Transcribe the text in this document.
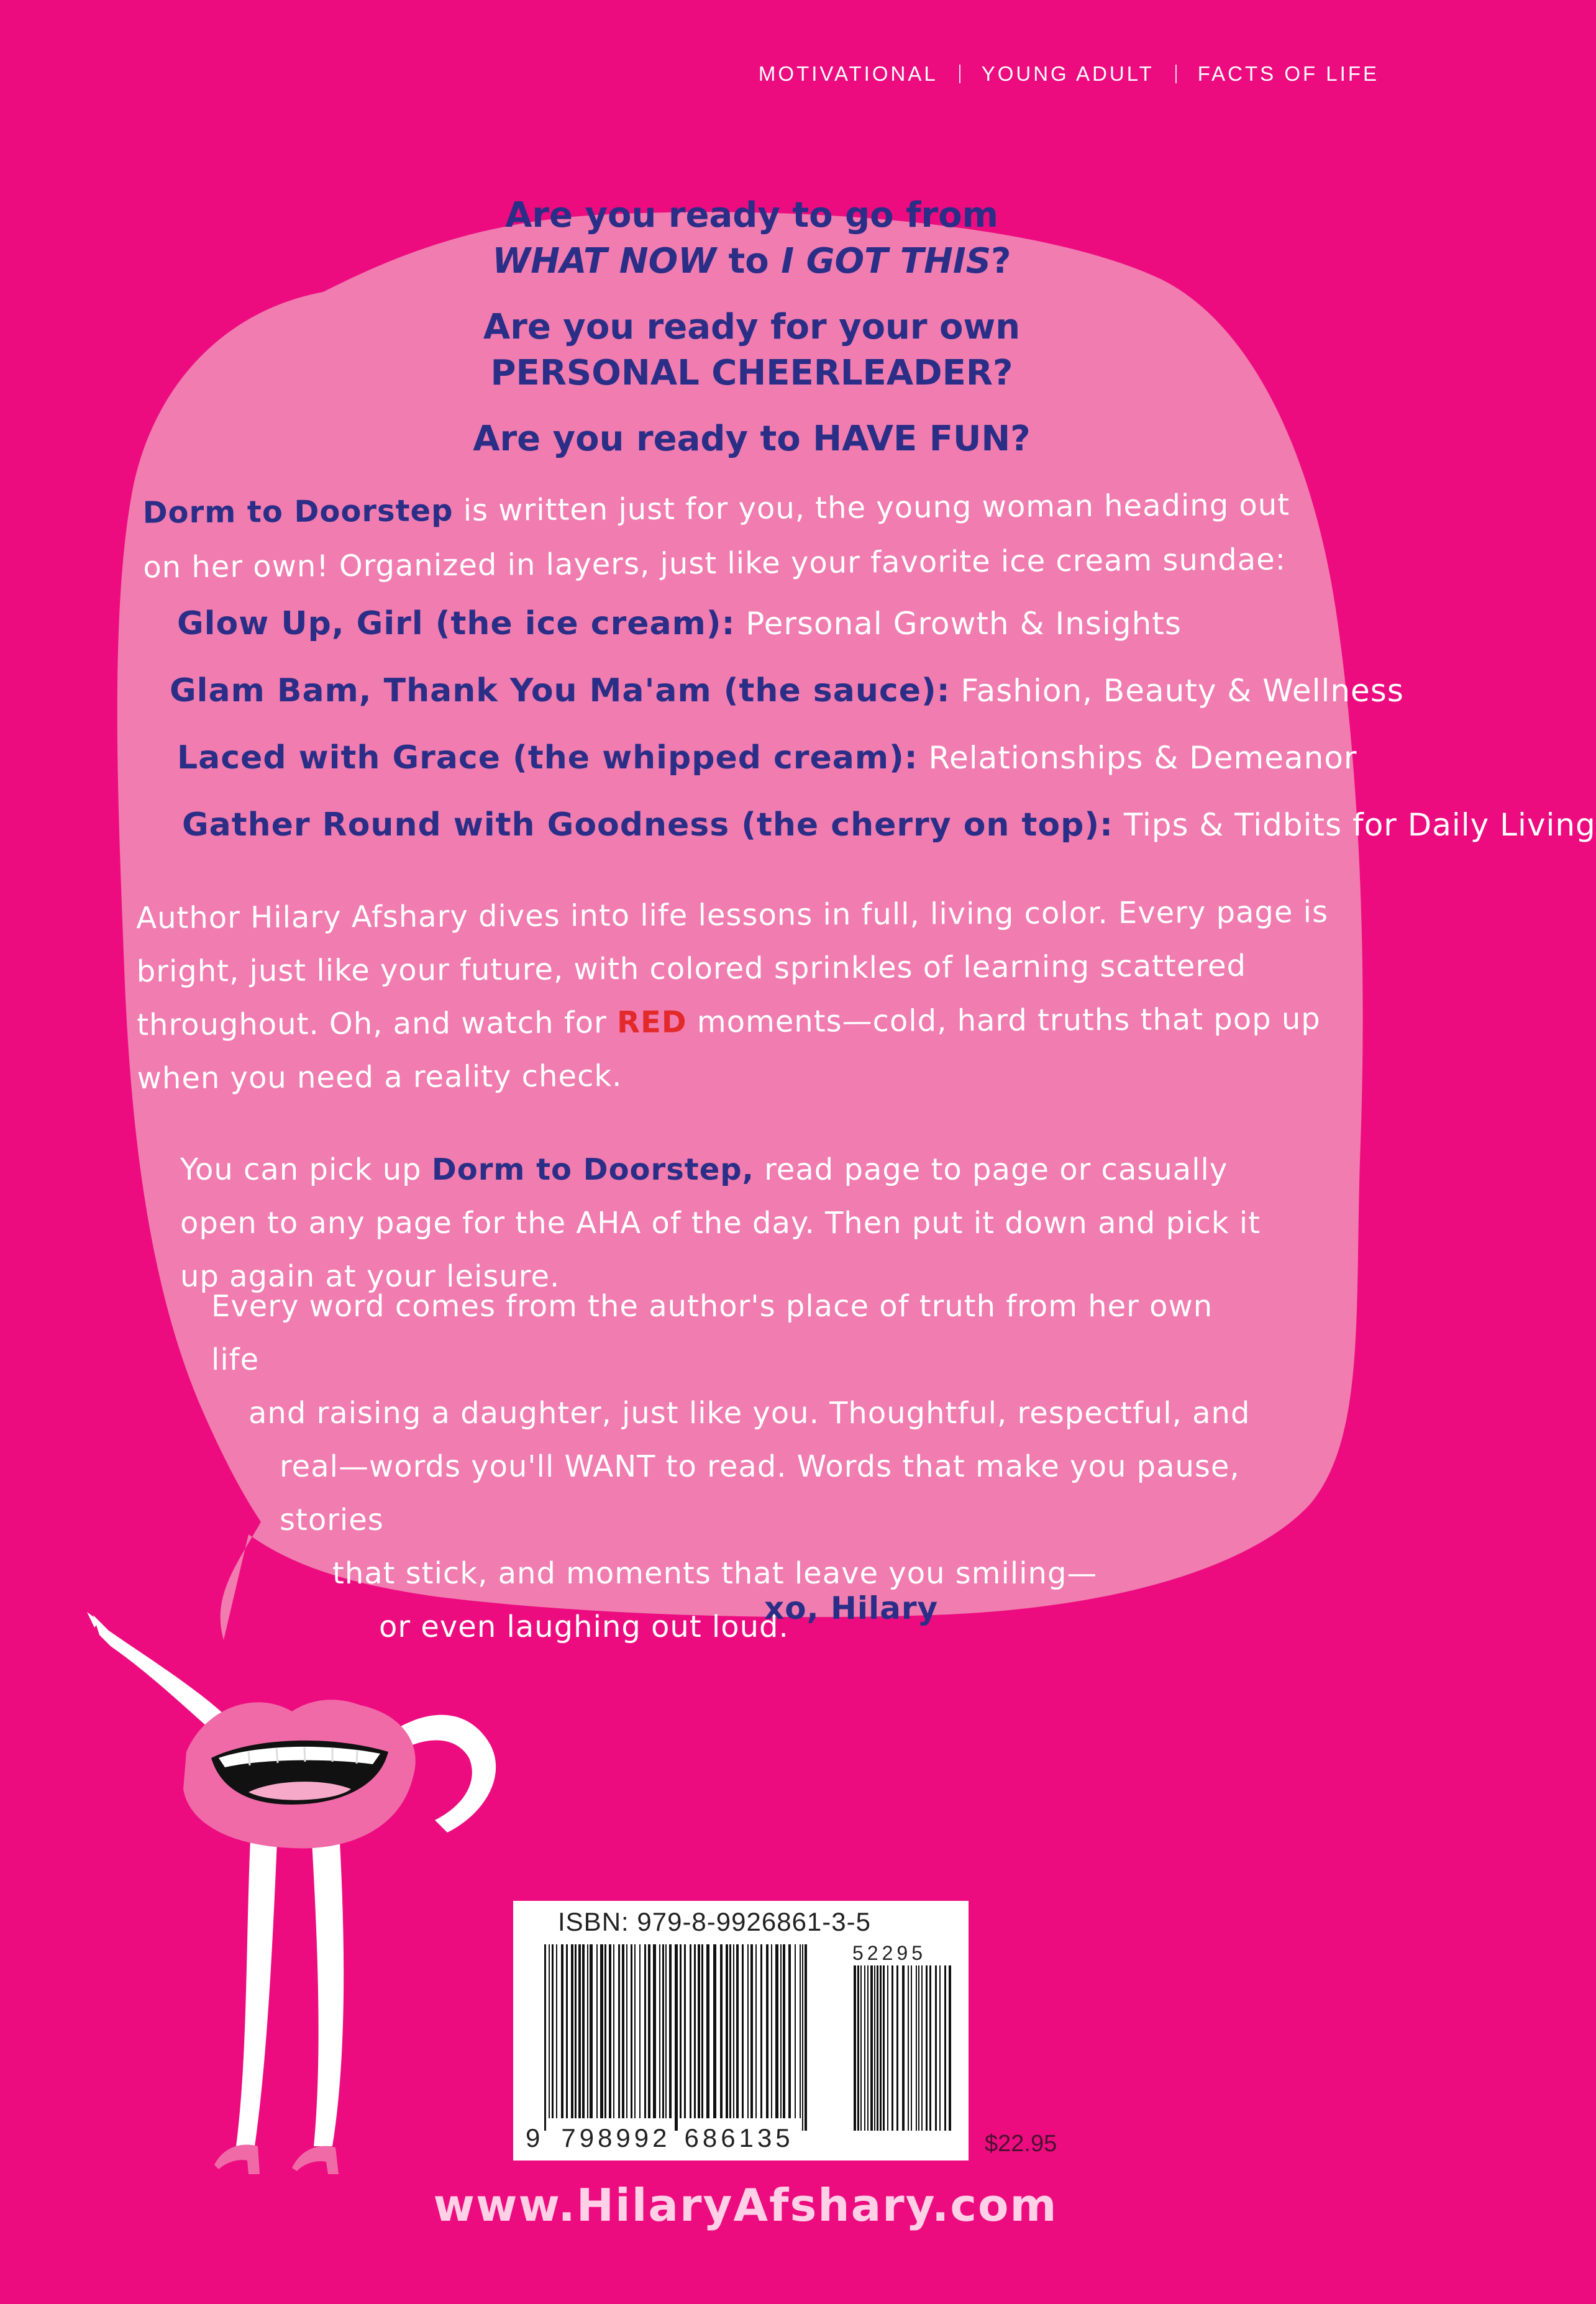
MOTIVATIONAL	YOUNG ADULT	FACTS OF LIFE

Are you ready to go from

WHAT NOW to I GOT THIS?

Are you ready for your own

PERSONAL CHEERLEADER?

Are you ready to HAVE FUN?

Dorm to Doorstep is written just for you, the young woman heading out on her own! Organized in layers, just like your favorite ice cream sundae:
Glow Up, Girl (the ice cream): Personal Growth & Insights
Glam Bam, Thank You Ma'am (the sauce): Fashion, Beauty & Wellness
Laced with Grace (the whipped cream): Relationships & Demeanor
Gather Round with Goodness (the cherry on top): Tips & Tidbits for Daily Living
Author Hilary Afshary dives into life lessons in full, living color. Every page is bright, just like your future, with colored sprinkles of learning scattered throughout. Oh, and watch for RED moments—cold, hard truths that pop up when you need a reality check.
You can pick up Dorm to Doorstep, read page to page or casually open to any page for the AHA of the day. Then put it down and pick it up again at your leisure.
Every word comes from the author's place of truth from her own life
and raising a daughter, just like you. Thoughtful, respectful, and
real—words you'll WANT to read. Words that make you pause, stories
that stick, and moments that leave you smiling—
or even laughing out loud.
xo, Hilary
ISBN: 979-8-9926861-3-5
52295
9 798992 686135	$22.95
www.HilaryAfshary.com
